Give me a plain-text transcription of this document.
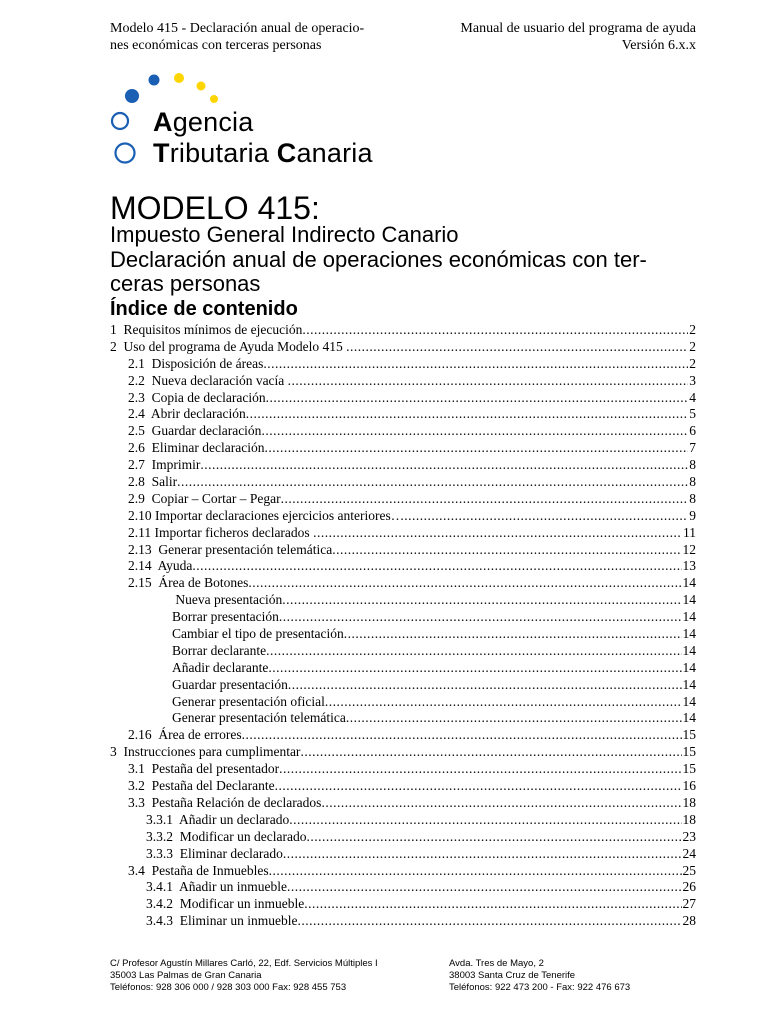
Modelo 415 - Declaración anual de operacio-
nes económicas con terceras personas
Manual de usuario del programa de ayuda
Versión 6.x.x
Agencia
Tributaria Canaria
MODELO 415:
Impuesto General Indirecto Canario
Declaración anual de operaciones económicas con ter-
ceras personas
Índice de contenido
1  Requisitos mínimos de ejecución .....	2
2  Uso del programa de Ayuda Modelo 415 .....	2
2.1  Disposición de áreas .....	2
2.2  Nueva declaración vacía .....	3
2.3  Copia de declaración .....	4
2.4  Abrir declaración .....	5
2.5  Guardar declaración .....	6
2.6  Eliminar declaración .....	7
2.7  Imprimir .....	8
2.8  Salir .....	8
2.9  Copiar – Cortar – Pegar .....	8
2.10 Importar declaraciones ejercicios anteriores… .....	9
2.11 Importar ficheros declarados .....	11
2.13  Generar presentación telemática .....	12
2.14  Ayuda .....	13
2.15  Área de Botones .....	14
Nueva presentación .....	14
Borrar presentación .....	14
Cambiar el tipo de presentación .....	14
Borrar declarante .....	14
Añadir declarante .....	14
Guardar presentación .....	14
Generar presentación oficial .....	14
Generar presentación telemática .....	14
2.16  Área de errores .....	15
3  Instrucciones para cumplimentar .....	15
3.1  Pestaña del presentador .....	15
3.2  Pestaña del Declarante .....	16
3.3  Pestaña Relación de declarados .....	18
3.3.1  Añadir un declarado .....	18
3.3.2  Modificar un declarado .....	23
3.3.3  Eliminar declarado .....	24
3.4  Pestaña de Inmuebles .....	25
3.4.1  Añadir un inmueble .....	26
3.4.2  Modificar un inmueble .....	27
3.4.3  Eliminar un inmueble .....	28
C/ Profesor Agustín Millares Carló, 22, Edf. Servicios Múltiples I
35003 Las Palmas de Gran Canaria
Teléfonos: 928 306 000 / 928 303 000 Fax: 928 455 753
Avda. Tres de Mayo, 2
38003 Santa Cruz de Tenerife
Teléfonos: 922 473 200 - Fax: 922 476 673
